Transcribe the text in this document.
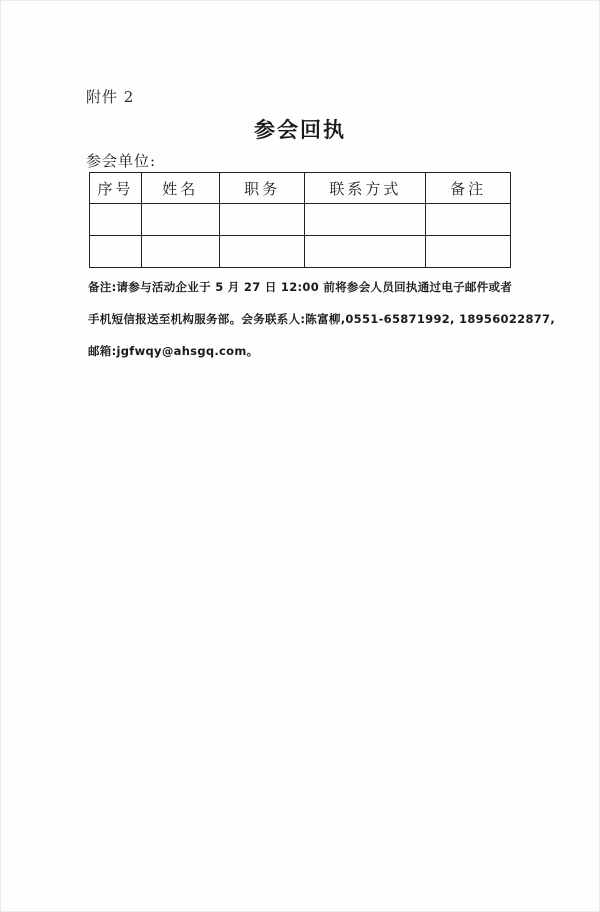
附件 2
参会回执
参会单位:
序号	姓名	职务	联系方式	备注

备注:请参与活动企业于 5 月 27 日 12:00 前将参会人员回执通过电子邮件或者
手机短信报送至机构服务部。会务联系人:陈富柳,0551-65871992, 18956022877,
邮箱:jgfwqy@ahsgq.com。
